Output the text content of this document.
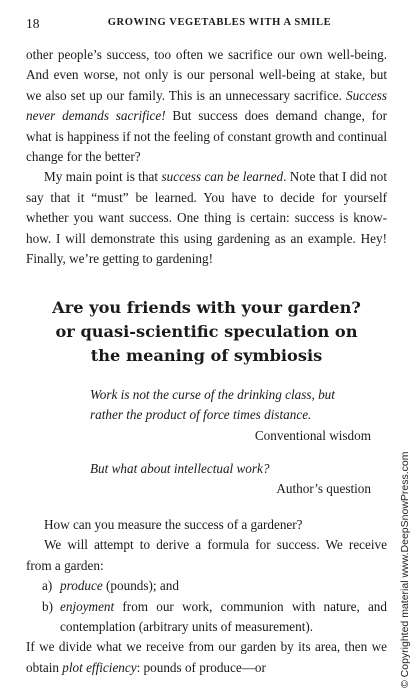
18	GROWING VEGETABLES WITH A SMILE

other people’s success, too often we sacrifice our own well-being. And even worse, not only is our personal well-being at stake, but we also set up our family. This is an unnecessary sacrifice. Success never demands sacrifice! But success does demand change, for what is happiness if not the feeling of constant growth and continual change for the better?

My main point is that success can be learned. Note that I did not say that it “must” be learned. You have to decide for yourself whether you want success. One thing is certain: success is know-how. I will demonstrate this using gardening as an example. Hey! Finally, we’re getting to gardening!

Are you friends with your garden?
or quasi-scientific speculation on
the meaning of symbiosis
Work is not the curse of the drinking class, but rather the product of force times distance.
Conventional wisdom
But what about intellectual work?
Author’s question

How can you measure the success of a gardener?

We will attempt to derive a formula for success. We receive from a garden:

a) produce (pounds); and
b) enjoyment from our work, communion with nature, and contemplation (arbitrary units of measurement).

If we divide what we receive from our garden by its area, then we obtain plot efficiency: pounds of produce—or	© Copyrighted material www.DeepSnowPress.com
